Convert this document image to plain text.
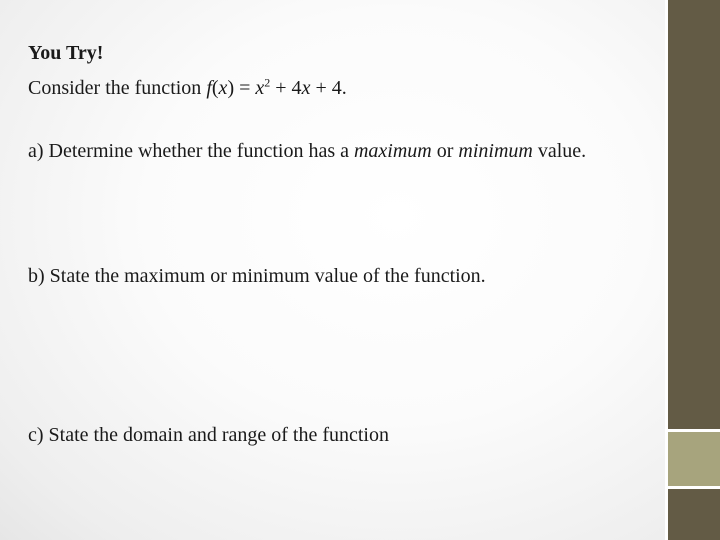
You Try!
Consider the function $f(x) = x^2 + 4x + 4$.
a) Determine whether the function has a maximum or minimum value.
b) State the maximum or minimum value of the function.
c) State the domain and range of the function
